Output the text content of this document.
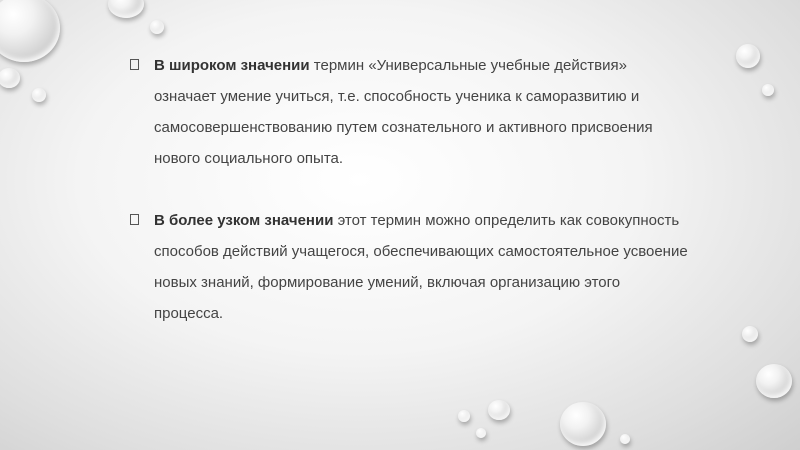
В широком значении термин «Универсальные учебные действия» означает умение учиться, т.е. способность ученика к саморазвитию и самосовершенствованию путем сознательного и активного присвоения нового социального опыта.
В более узком значении этот термин можно определить как совокупность способов действий учащегося, обеспечивающих самостоятельное усвоение новых знаний, формирование умений, включая организацию этого процесса.
